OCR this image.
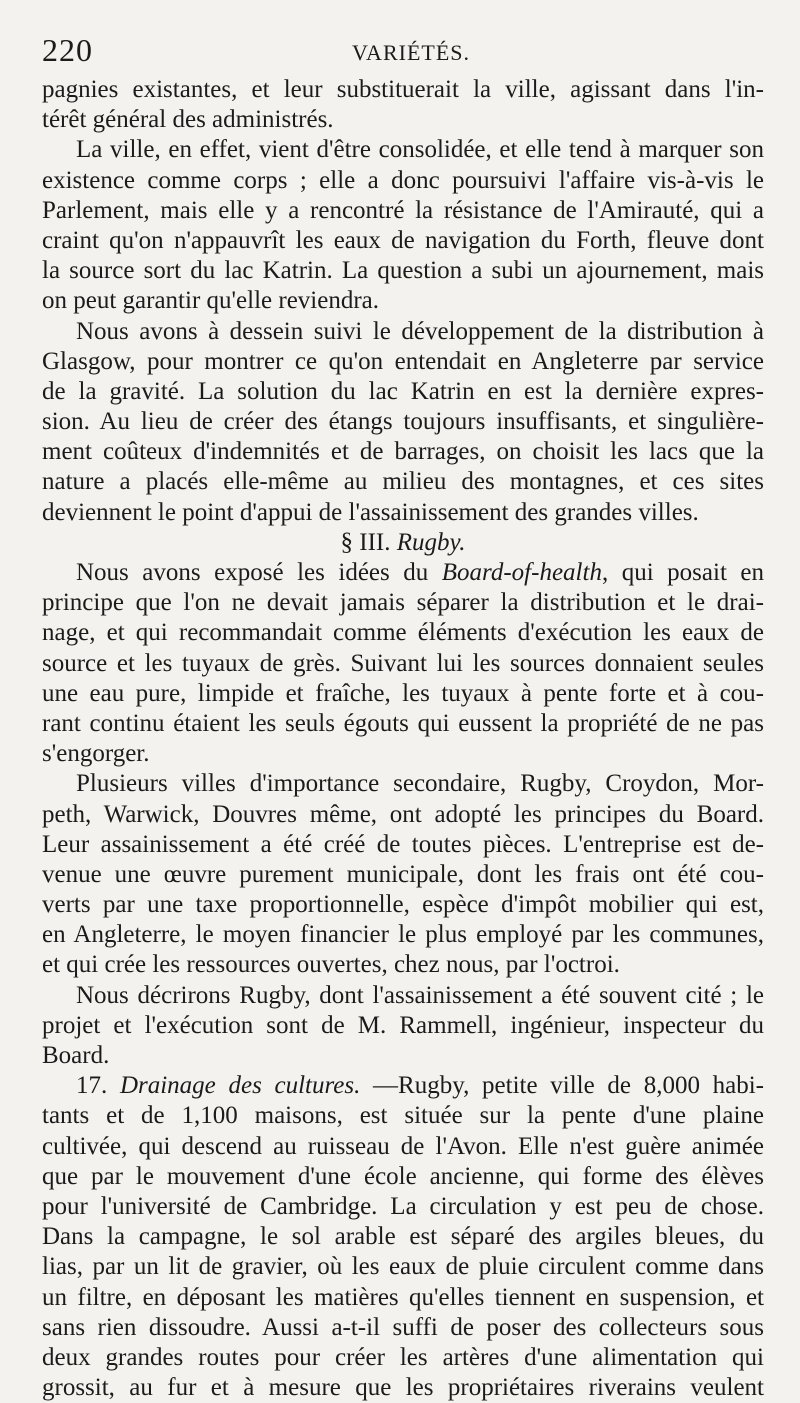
220	VARIÉTÉS.
pagnies existantes, et leur substituerait la ville, agissant dans l'in-
térêt général des administrés.
La ville, en effet, vient d'être consolidée, et elle tend à marquer son
existence comme corps ; elle a donc poursuivi l'affaire vis-à-vis le
Parlement, mais elle y a rencontré la résistance de l'Amirauté, qui a
craint qu'on n'appauvrît les eaux de navigation du Forth, fleuve dont
la source sort du lac Katrin. La question a subi un ajournement, mais
on peut garantir qu'elle reviendra.
Nous avons à dessein suivi le développement de la distribution à
Glasgow, pour montrer ce qu'on entendait en Angleterre par service
de la gravité. La solution du lac Katrin en est la dernière expres-
sion. Au lieu de créer des étangs toujours insuffisants, et singulière-
ment coûteux d'indemnités et de barrages, on choisit les lacs que la
nature a placés elle-même au milieu des montagnes, et ces sites
deviennent le point d'appui de l'assainissement des grandes villes.
§ III. Rugby.
Nous avons exposé les idées du Board-of-health, qui posait en
principe que l'on ne devait jamais séparer la distribution et le drai-
nage, et qui recommandait comme éléments d'exécution les eaux de
source et les tuyaux de grès. Suivant lui les sources donnaient seules
une eau pure, limpide et fraîche, les tuyaux à pente forte et à cou-
rant continu étaient les seuls égouts qui eussent la propriété de ne pas
s'engorger.
Plusieurs villes d'importance secondaire, Rugby, Croydon, Mor-
peth, Warwick, Douvres même, ont adopté les principes du Board.
Leur assainissement a été créé de toutes pièces. L'entreprise est de-
venue une œuvre purement municipale, dont les frais ont été cou-
verts par une taxe proportionnelle, espèce d'impôt mobilier qui est,
en Angleterre, le moyen financier le plus employé par les communes,
et qui crée les ressources ouvertes, chez nous, par l'octroi.
Nous décrirons Rugby, dont l'assainissement a été souvent cité ; le
projet et l'exécution sont de M. Rammell, ingénieur, inspecteur du
Board.
17. Drainage des cultures. —Rugby, petite ville de 8,000 habi-
tants et de 1,100 maisons, est située sur la pente d'une plaine
cultivée, qui descend au ruisseau de l'Avon. Elle n'est guère animée
que par le mouvement d'une école ancienne, qui forme des élèves
pour l'université de Cambridge. La circulation y est peu de chose.
Dans la campagne, le sol arable est séparé des argiles bleues, du
lias, par un lit de gravier, où les eaux de pluie circulent comme dans
un filtre, en déposant les matières qu'elles tiennent en suspension, et
sans rien dissoudre. Aussi a-t-il suffi de poser des collecteurs sous
deux grandes routes pour créer les artères d'une alimentation qui
grossit, au fur et à mesure que les propriétaires riverains veulent
